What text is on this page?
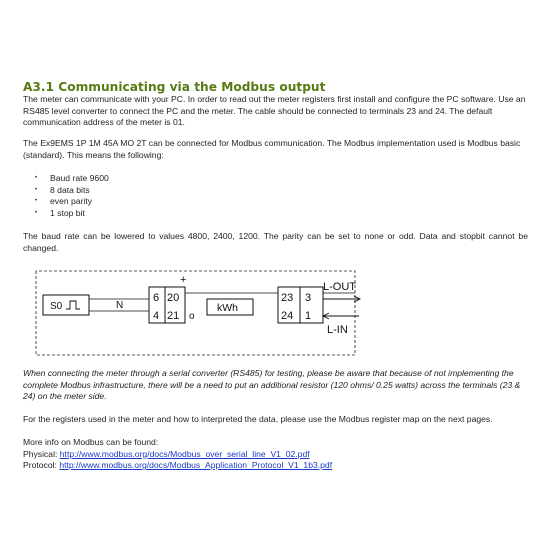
A3.1 Communicating via the Modbus output
The meter can communicate with your PC. In order to read out the meter registers first install and configure the PC software. Use an RS485 level converter to connect the PC and the meter. The cable should be connected to terminals 23 and 24. The default communication address of the meter is 01.
The Ex9EMS 1P 1M 45A MO 2T can be connected for Modbus communication. The Modbus implementation used is Modbus basic (standard). This means the following:
• Baud rate 9600
• 8 data bits
• even parity
• 1 stop bit
The baud rate can be lowered to values 4800, 2400, 1200. The parity can be set to none or odd. Data and stopbit cannot be changed.
S0	N
6
4
20
21
+
o
kWh
23
24
3
1
L-OUT
L-IN
When connecting the meter through a serial converter (RS485) for testing, please be aware that because of not implementing the complete Modbus infrastructure, there will be a need to put an additional resistor (120 ohms/ 0.25 watts) across the terminals (23 & 24) on the meter side.
For the registers used in the meter and how to interpreted the data, please use the Modbus register map on the next pages.
More info on Modbus can be found:
Physical: http://www.modbus.org/docs/Modbus_over_serial_line_V1_02.pdf
Protocol: http://www.modbus.org/docs/Modbus_Application_Protocol_V1_1b3.pdf
